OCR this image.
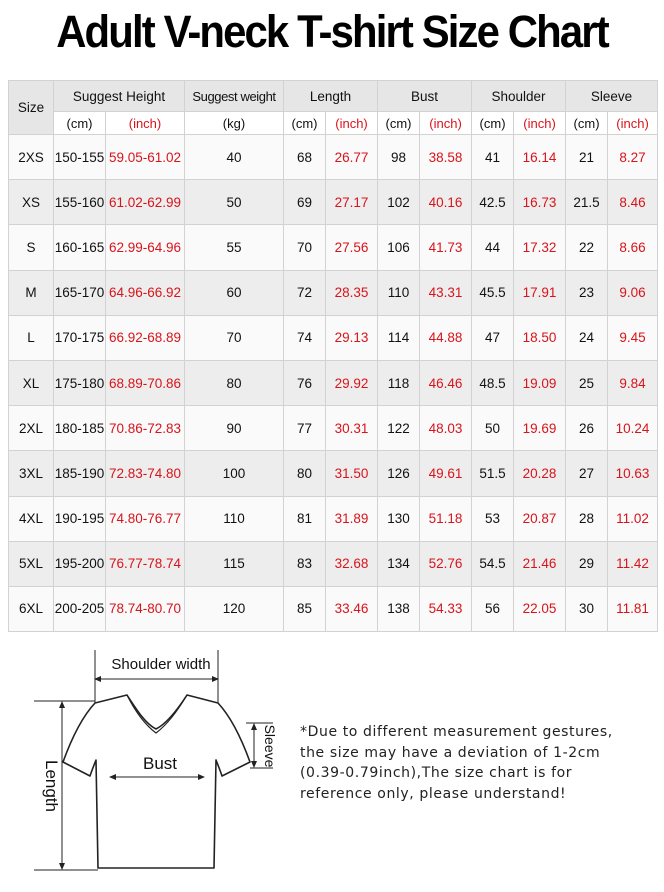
Adult V-neck T-shirt Size Chart
Size	Suggest Height		Suggest weight	Length		Bust		Shoulder		Sleeve	
	(cm)	(inch)	(kg)	(cm)	(inch)	(cm)	(inch)	(cm)	(inch)	(cm)	(inch)
2XS	150-155	59.05-61.02	40	68	26.77	98	38.58	41	16.14	21	8.27
XS	155-160	61.02-62.99	50	69	27.17	102	40.16	42.5	16.73	21.5	8.46
S	160-165	62.99-64.96	55	70	27.56	106	41.73	44	17.32	22	8.66
M	165-170	64.96-66.92	60	72	28.35	110	43.31	45.5	17.91	23	9.06
L	170-175	66.92-68.89	70	74	29.13	114	44.88	47	18.50	24	9.45
XL	175-180	68.89-70.86	80	76	29.92	118	46.46	48.5	19.09	25	9.84
2XL	180-185	70.86-72.83	90	77	30.31	122	48.03	50	19.69	26	10.24
3XL	185-190	72.83-74.80	100	80	31.50	126	49.61	51.5	20.28	27	10.63
4XL	190-195	74.80-76.77	110	81	31.89	130	51.18	53	20.87	28	11.02
5XL	195-200	76.77-78.74	115	83	32.68	134	52.76	54.5	21.46	29	11.42
6XL	200-205	78.74-80.70	120	85	33.46	138	54.33	56	22.05	30	11.81
Shoulder width
Bust	Sleeve
Length
*Due to different measurement gestures,
the size may have a deviation of 1-2cm
(0.39-0.79inch),The size chart is for
reference only, please understand!
